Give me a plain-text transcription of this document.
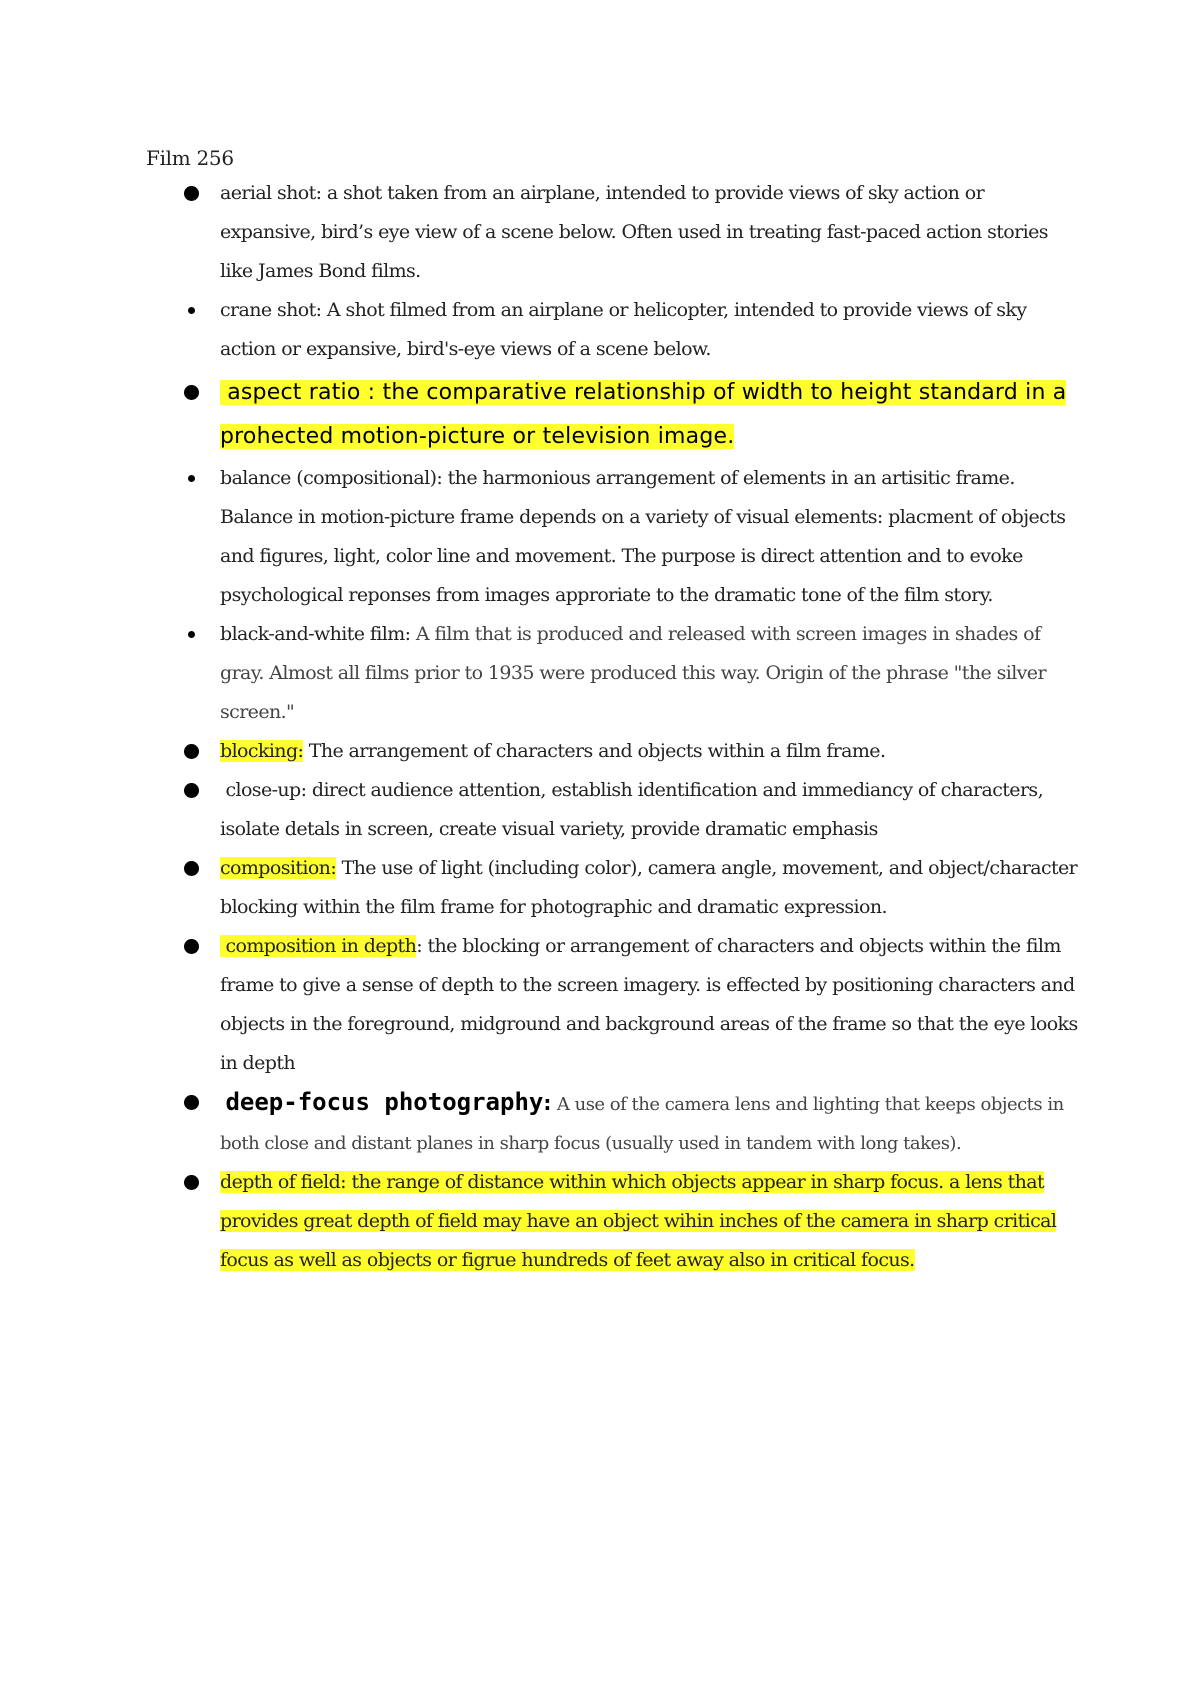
Film 256
aerial shot: a shot taken from an airplane, intended to provide views of sky action or expansive, bird’s eye view of a scene below. Often used in treating fast-paced action stories like James Bond films.
crane shot: A shot filmed from an airplane or helicopter, intended to provide views of sky action or expansive, bird's-eye views of a scene below.
aspect ratio : the comparative relationship of width to height standard in a prohected motion-picture or television image.
balance (compositional): the harmonious arrangement of elements in an artisitic frame. Balance in motion-picture frame depends on a variety of visual elements: placment of objects and figures, light, color line and movement. The purpose is direct attention and to evoke psychological reponses from images approriate to the dramatic tone of the film story.
black-and-white film: A film that is produced and released with screen images in shades of gray. Almost all films prior to 1935 were produced this way. Origin of the phrase "the silver screen."
blocking: The arrangement of characters and objects within a film frame.
close-up: direct audience attention, establish identification and immediancy of characters, isolate detals in screen, create visual variety, provide dramatic emphasis
composition: The use of light (including color), camera angle, movement, and object/character blocking within the film frame for photographic and dramatic expression.
composition in depth: the blocking or arrangement of characters and objects within the film frame to give a sense of depth to the screen imagery. is effected by positioning characters and objects in the foreground, midground and background areas of the frame so that the eye looks in depth
deep-focus photography: A use of the camera lens and lighting that keeps objects in both close and distant planes in sharp focus (usually used in tandem with long takes).
depth of field: the range of distance within which objects appear in sharp focus. a lens that provides great depth of field may have an object wihin inches of the camera in sharp critical focus as well as objects or figrue hundreds of feet away also in critical focus.
